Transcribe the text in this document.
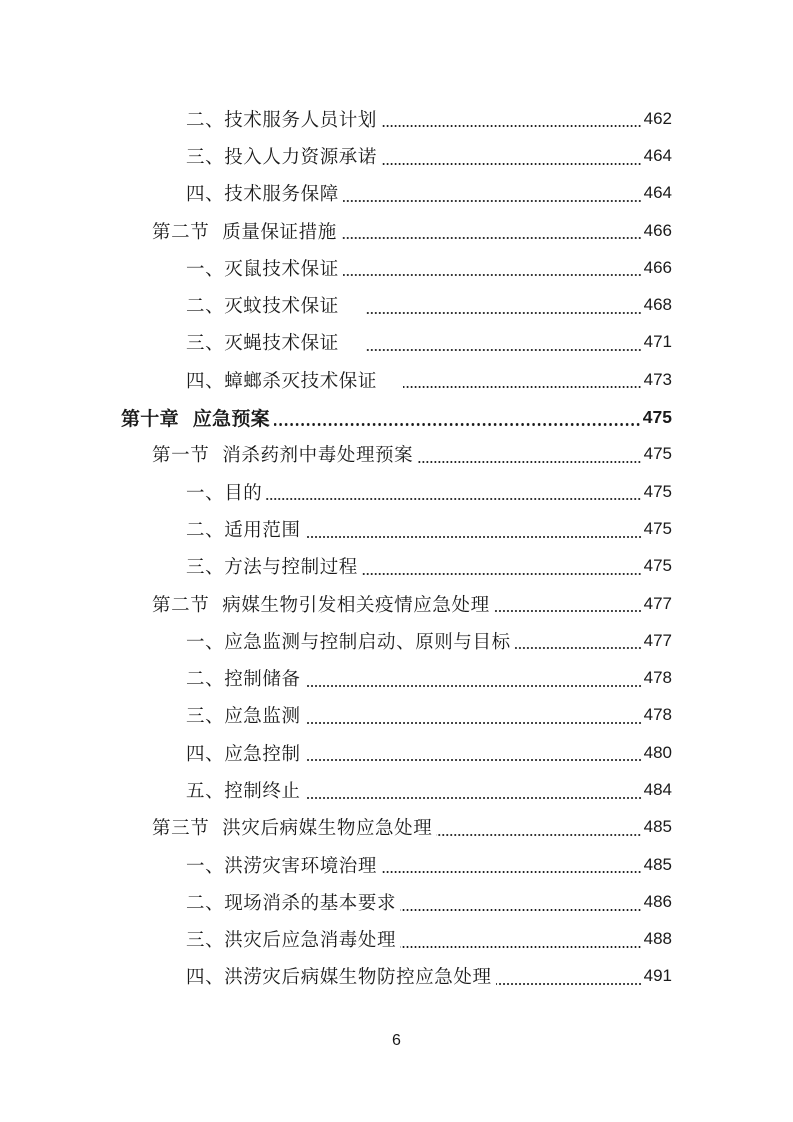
二、技术服务人员计划	462
三、投入人力资源承诺	464
四、技术服务保障	464
第二节  质量保证措施	466
一、灭鼠技术保证	466
二、灭蚊技术保证	468
三、灭蝇技术保证	471
四、蟑螂杀灭技术保证	473
第十章  应急预案	475
第一节  消杀药剂中毒处理预案	475
一、目的	475
二、适用范围	475
三、方法与控制过程	475
第二节  病媒生物引发相关疫情应急处理	477
一、应急监测与控制启动、原则与目标	477
二、控制储备	478
三、应急监测	478
四、应急控制	480
五、控制终止	484
第三节  洪灾后病媒生物应急处理	485
一、洪涝灾害环境治理	485
二、现场消杀的基本要求	486
三、洪灾后应急消毒处理	488
四、洪涝灾后病媒生物防控应急处理	491
6
